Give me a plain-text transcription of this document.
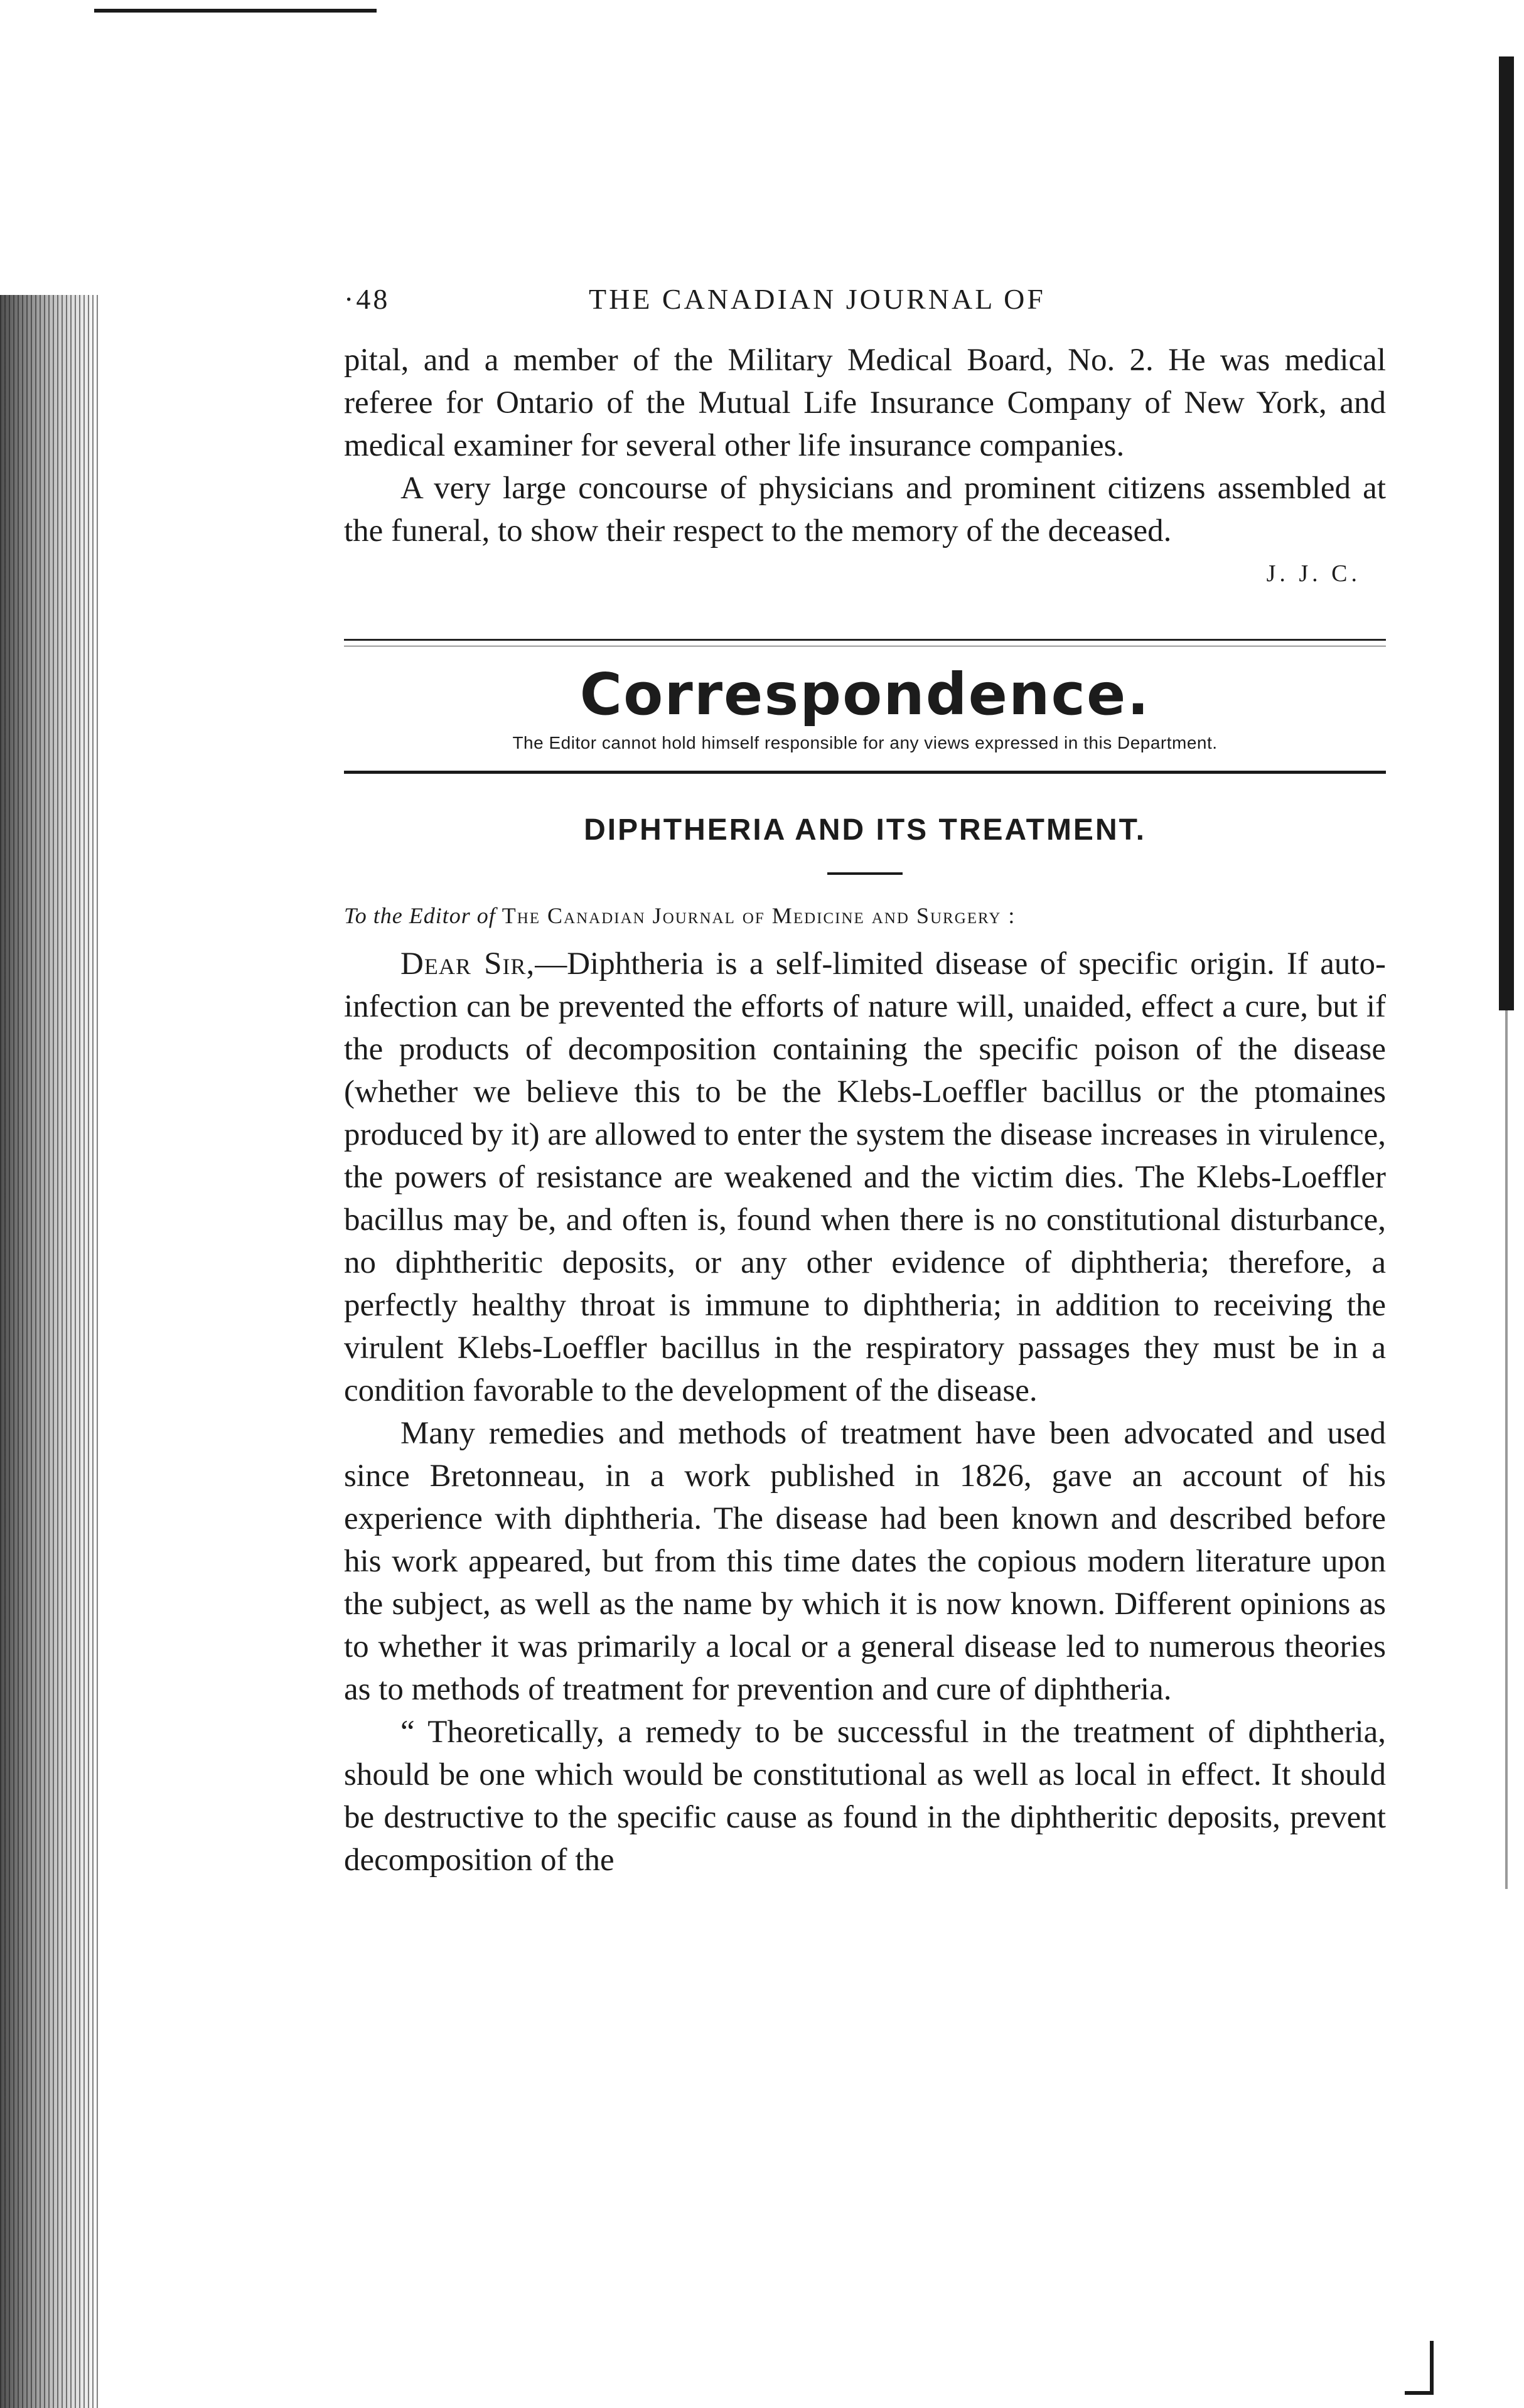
·48	THE CANADIAN JOURNAL OF

pital, and a member of the Military Medical Board, No. 2. He was medical referee for Ontario of the Mutual Life Insurance Company of New York, and medical examiner for several other life insurance companies.

A very large concourse of physicians and prominent citizens assembled at the funeral, to show their respect to the memory of the deceased.

J. J. C.
Correspondence.
The Editor cannot hold himself responsible for any views expressed in this Department.
DIPHTHERIA AND ITS TREATMENT.
To the Editor of The Canadian Journal of Medicine and Surgery :

Dear Sir,—Diphtheria is a self-limited disease of specific origin. If auto-infection can be prevented the efforts of nature will, unaided, effect a cure, but if the products of decomposition containing the specific poison of the disease (whether we believe this to be the Klebs-Loeffler bacillus or the ptomaines produced by it) are allowed to enter the system the disease increases in virulence, the powers of resistance are weakened and the victim dies. The Klebs-Loeffler bacillus may be, and often is, found when there is no constitutional disturbance, no diphtheritic deposits, or any other evidence of diphtheria; therefore, a perfectly healthy throat is immune to diphtheria; in addition to receiving the virulent Klebs-Loeffler bacillus in the respiratory passages they must be in a condition favorable to the development of the disease.

Many remedies and methods of treatment have been advocated and used since Bretonneau, in a work published in 1826, gave an account of his experience with diphtheria. The disease had been known and described before his work appeared, but from this time dates the copious modern literature upon the subject, as well as the name by which it is now known. Different opinions as to whether it was primarily a local or a general disease led to numerous theories as to methods of treatment for prevention and cure of diphtheria.

“ Theoretically, a remedy to be successful in the treatment of diphtheria, should be one which would be constitutional as well as local in effect. It should be destructive to the specific cause as found in the diphtheritic deposits, prevent decomposition of the
